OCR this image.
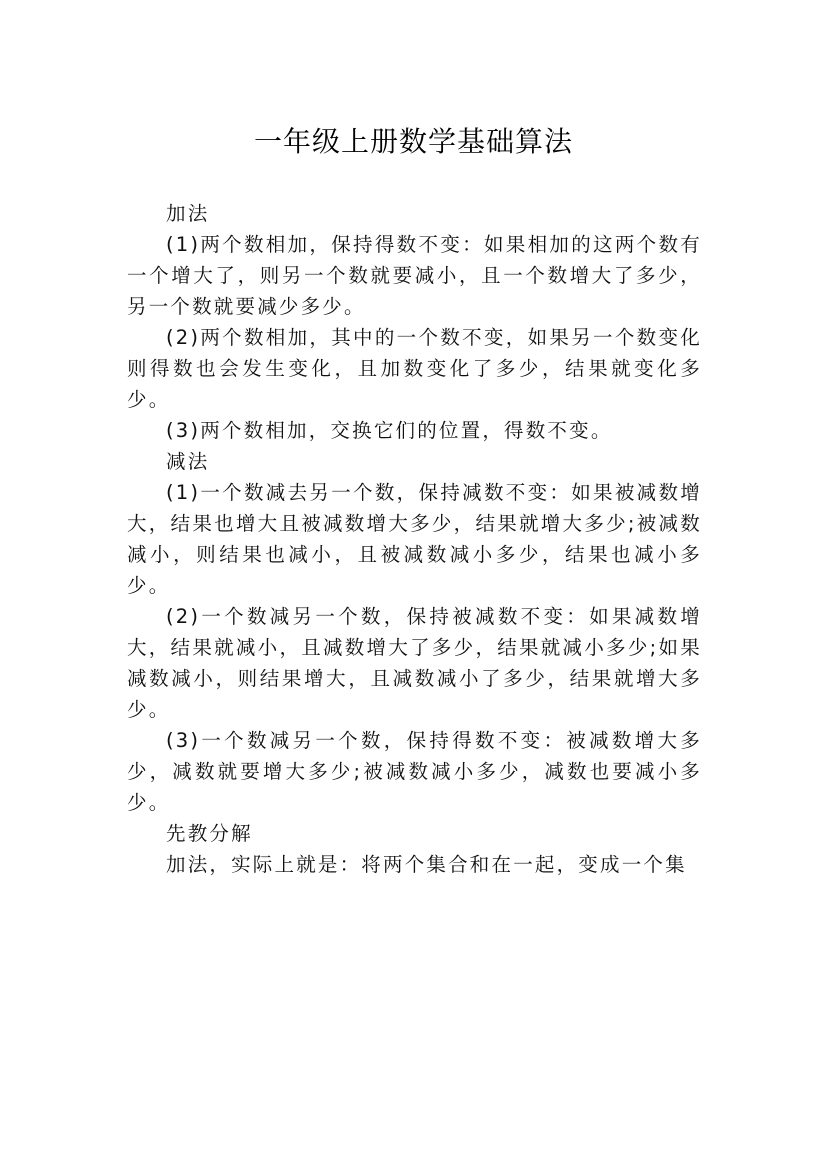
一年级上册数学基础算法

加法

(1)两个数相加，保持得数不变：如果相加的这两个数有一个增大了，则另一个数就要减小，且一个数增大了多少，另一个数就要减少多少。

(2)两个数相加，其中的一个数不变，如果另一个数变化则得数也会发生变化，且加数变化了多少，结果就变化多少。

(3)两个数相加，交换它们的位置，得数不变。

减法

(1)一个数减去另一个数，保持减数不变：如果被减数增大，结果也增大且被减数增大多少，结果就增大多少;被减数减小，则结果也减小，且被减数减小多少，结果也减小多少。

(2)一个数减另一个数，保持被减数不变：如果减数增大，结果就减小，且减数增大了多少，结果就减小多少;如果减数减小，则结果增大，且减数减小了多少，结果就增大多少。

(3)一个数减另一个数，保持得数不变：被减数增大多少，减数就要增大多少;被减数减小多少，减数也要减小多少。

先教分解

加法，实际上就是：将两个集合和在一起，变成一个集
